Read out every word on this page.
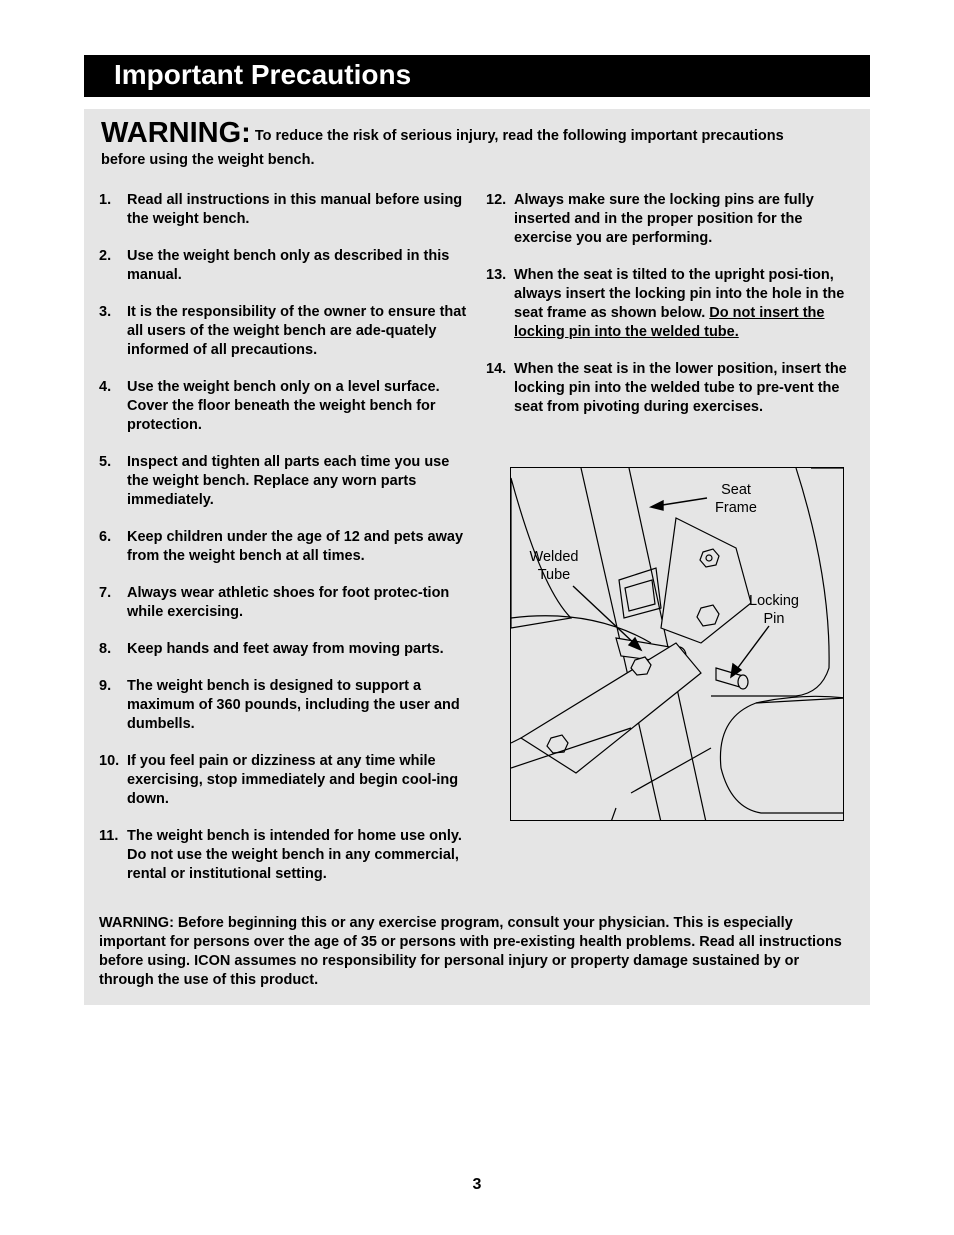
Important Precautions
WARNING: To reduce the risk of serious injury, read the following important precautions
before using the weight bench.
1. Read all instructions in this manual before using the weight bench.
2. Use the weight bench only as described in this manual.
3. It is the responsibility of the owner to ensure that all users of the weight bench are ade-quately informed of all precautions.
4. Use the weight bench only on a level surface. Cover the floor beneath the weight bench for protection.
5. Inspect and tighten all parts each time you use the weight bench. Replace any worn parts immediately.
6. Keep children under the age of 12 and pets away from the weight bench at all times.
7. Always wear athletic shoes for foot protec-tion while exercising.
8. Keep hands and feet away from moving parts.
9. The weight bench is designed to support a maximum of 360 pounds, including the user and dumbells.
10. If you feel pain or dizziness at any time while exercising, stop immediately and begin cool-ing down.
11. The weight bench is intended for home use only. Do not use the weight bench in any commercial, rental or institutional setting.
12. Always make sure the locking pins are fully inserted and in the proper position for the exercise you are performing.
13. When the seat is tilted to the upright posi-tion, always insert the locking pin into the hole in the seat frame as shown below. Do not insert the locking pin into the welded tube.
14. When the seat is in the lower position, insert the locking pin into the welded tube to pre-vent the seat from pivoting during exercises.
Seat
Frame
Welded
Tube
Locking
Pin
WARNING: Before beginning this or any exercise program, consult your physician. This is especially important for persons over the age of 35 or persons with pre-existing health problems. Read all instructions before using. ICON assumes no responsibility for personal injury or property damage sustained by or through the use of this product.
3
